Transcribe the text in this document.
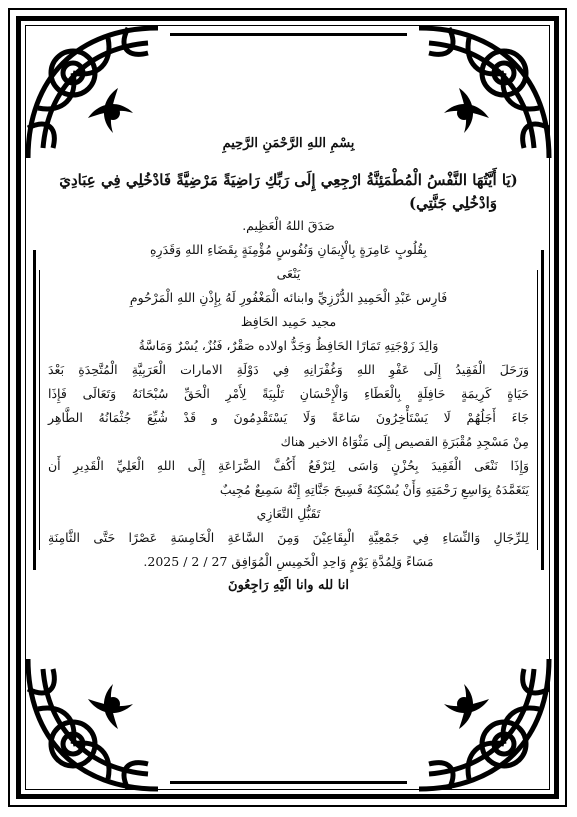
بِسْمِ اللهِ الرَّحْمَنِ الرَّحِيمِ
(يَا أَيَّتُهَا النَّفْسُ الْمُطْمَئِنَّةُ ارْجِعِي إِلَى رَبِّكِ رَاضِيَةً مَرْضِيَّةً فَادْخُلِي فِي عِبَادِيَ
وَادْخُلِي جَنَّتِي)
صَدَقَ اللهُ الْعَظِيم.
بِقُلُوبٍ عَامِرَةٍ بِالْإِيمَانِ وَنُفُوسٍ مُؤْمِنَةٍ بِقَضَاءِ اللهِ وَقَدَرِهِ
يَنْعَى
فَارِس عَبْدِ الْحَمِيدِ الدُّرْزِيِّ وابنائه الْمَغْفُورِ لَهُ بِإِذْنِ اللهِ الْمَرْحُومِ
مجيد حَمِيد الحَافِظ
وَالِدَ زَوْجَتِهِ تَمَارًا الحَافِظُ وَجَدُّ اولاده صَقْرٌ، فَنُزٌ، يُسْرٌ وَمَاسَّةُ
وَرَحَلَ الْفَقِيدُ إِلَى عَفْوِ اللهِ وَغُفْرَانِهِ فِي دَوْلَةِ الامارات الْعَرَبِيَّةِ الْمُتَّحِدَةِ بَعْدَ
حَيَاةٍ كَرِيمَةٍ حَافِلَةٍ بِالْعَطَاءِ وَالْإِحْسَانِ تَلْبِيَةً لِأَمْرِ الْحَقِّ سُبْحَانَهُ وَتَعَالَى فَإِذَا
جَاءَ أَجَلُهُمْ لَا يَسْتَأْخِرُونَ سَاعَةً وَلَا يَسْتَقْدِمُونَ و قَدْ شُيِّعَ جُثْمَانُهُ الطَّاهِر
مِنْ مَسْجِدِ مُقْبَرَةِ القصيص إِلَى مَثْوَاهُ الاخير هناك
وَإِذَا نَنْعَى الْفَقِيدَ بِحُزْنٍ وَاسَى لِنَرْفَعُ أَكُفَّ الضَّرَاعَةِ إِلَى اللهِ الْعَلِيِّ الْقَدِيرِ أَن
يَتَغَمَّدَهُ بِوَاسِعِ رَحْمَتِهِ وَأَنْ يُسْكِنَهُ فَسِيحَ جَنَّاتِهِ إِنَّهُ سَمِيعٌ مُجِيبٌ
تَقَبُّلِ التَّعَازِي
لِلرِّجَالِ وَالنِّسَاءِ فِي جَمْعِيَّةِ الْبِقَاعِيْنَ وَمِنَ السَّاعَةِ الْخَامِسَةِ عَصْرًا حَتَّى الثَّامِنَةِ
مَسَاءً وَلِمُدَّةِ يَوْمٍ وَاحِدِ الْخَمِيسِ الْمُوَافِق 27 / 2 / 2025.
انا لله وانا الَيْهِ رَاجِعُونَ
